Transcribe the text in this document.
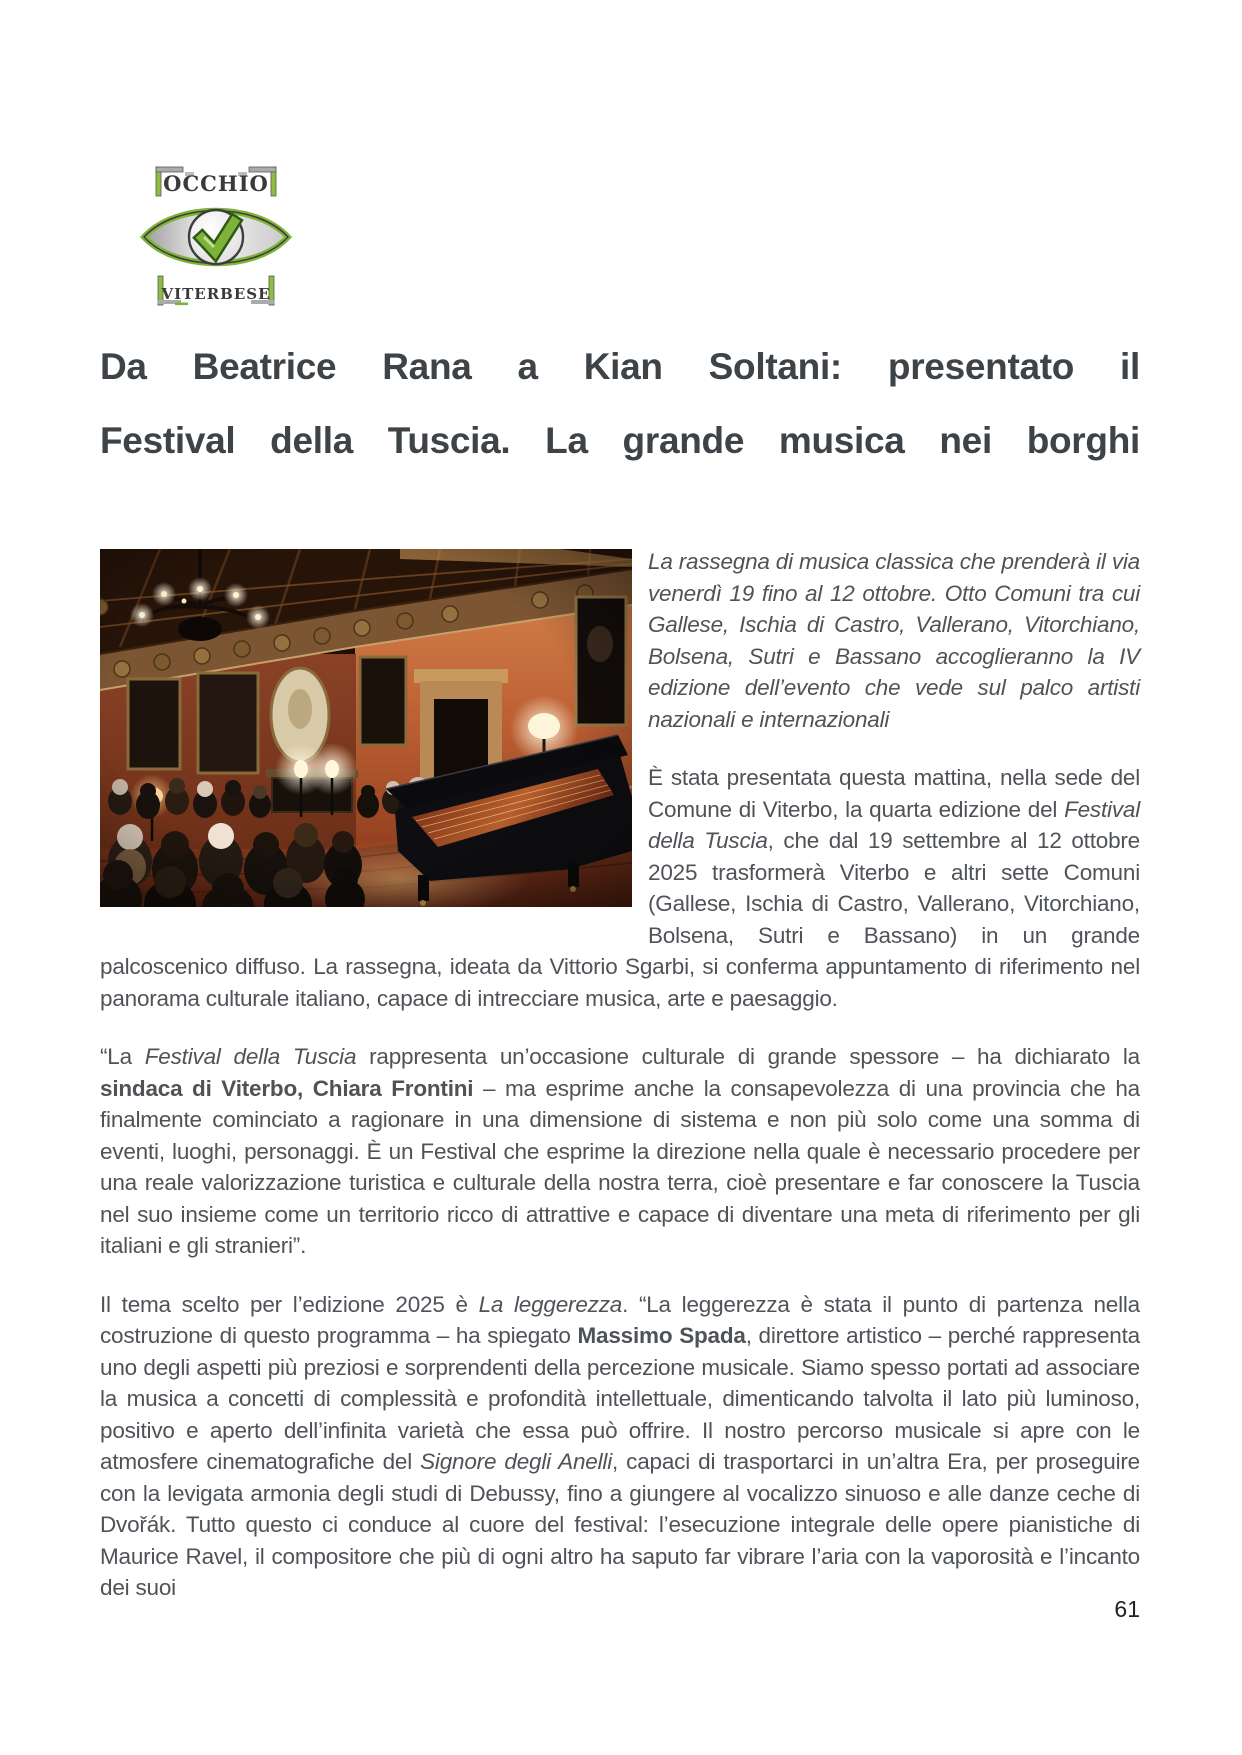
OCCHIO
VITERBESE
Da Beatrice Rana a Kian Soltani: presentato il
Festival della Tuscia. La grande musica nei borghi

La rassegna di musica classica che prenderà il via venerdì 19 fino al 12 ottobre. Otto Comuni tra cui Gallese, Ischia di Castro, Vallerano, Vitorchiano, Bolsena, Sutri e Bassano accoglieranno la IV edizione dell’evento che vede sul palco artisti nazionali e internazionali

È stata presentata questa mattina, nella sede del Comune di Viterbo, la quarta edizione del Festival della Tuscia, che dal 19 settembre al 12 ottobre 2025 trasformerà Viterbo e altri sette Comuni (Gallese, Ischia di Castro, Vallerano, Vitorchiano, Bolsena, Sutri e Bassano) in un grande palcoscenico diffuso. La rassegna, ideata da Vittorio Sgarbi, si conferma appuntamento di riferimento nel panorama culturale italiano, capace di intrecciare musica, arte e paesaggio.

“La Festival della Tuscia rappresenta un’occasione culturale di grande spessore – ha dichiarato la sindaca di Viterbo, Chiara Frontini – ma esprime anche la consapevolezza di una provincia che ha finalmente cominciato a ragionare in una dimensione di sistema e non più solo come una somma di eventi, luoghi, personaggi. È un Festival che esprime la direzione nella quale è necessario procedere per una reale valorizzazione turistica e culturale della nostra terra, cioè presentare e far conoscere la Tuscia nel suo insieme come un territorio ricco di attrattive e capace di diventare una meta di riferimento per gli italiani e gli stranieri”.

Il tema scelto per l’edizione 2025 è La leggerezza. “La leggerezza è stata il punto di partenza nella costruzione di questo programma – ha spiegato Massimo Spada, direttore artistico – perché rappresenta uno degli aspetti più preziosi e sorprendenti della percezione musicale. Siamo spesso portati ad associare la musica a concetti di complessità e profondità intellettuale, dimenticando talvolta il lato più luminoso, positivo e aperto dell’infinita varietà che essa può offrire. Il nostro percorso musicale si apre con le atmosfere cinematografiche del Signore degli Anelli, capaci di trasportarci in un’altra Era, per proseguire con la levigata armonia degli studi di Debussy, fino a giungere al vocalizzo sinuoso e alle danze ceche di Dvořák. Tutto questo ci conduce al cuore del festival: l’esecuzione integrale delle opere pianistiche di Maurice Ravel, il compositore che più di ogni altro ha saputo far vibrare l’aria con la vaporosità e l’incanto dei suoi

61
